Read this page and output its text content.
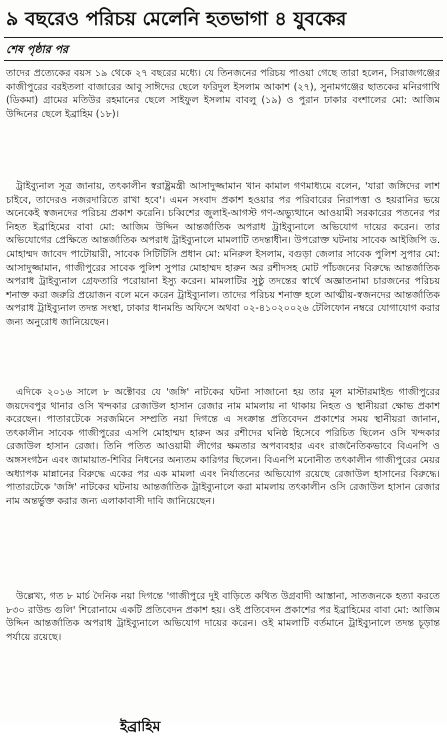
৯ বছরেও পরিচয় মেলেনি হতভাগা ৪ যুবকের
শেষ পৃষ্ঠার পর
তাদের প্রত্যেকের বয়স ১৯ থেকে ২৭ বছরের মধ্যে। যে তিনজনের পরিচয় পাওয়া গেছে তারা হলেন, সিরাজগঞ্জের কাজীপুরের বরইতলা বাজারের আবু সাঈদের ছেলে ফরিদুল ইসলাম আকাশ (২৭), সুনামগঞ্জের ছাতকের মনিরগাথি (ডিকমা) গ্রামের মতিউর রহমানের ছেলে সাইফুল ইসলাম বাবলু (১৯) ও পুরান ঢাকার বংশালের মো: আজিম উদ্দিনের ছেলে ইব্রাহিম (১৮)।
ট্রাইব্যুনাল সূত্র জানায়, তৎকালীন স্বরাষ্ট্রমন্ত্রী আসাদুজ্জামান খান কামাল গণমাধ্যমে বলেন, 'যারা জঙ্গিদের লাশ চাইবে, তাদেরও নজরদারিতে রাখা হবে'। এমন সংবাদ প্রকাশ হওয়ার পর পরিবারের নিরাপত্তা ও হয়রানির ভয়ে অনেকেই স্বজনদের পরিচয় প্রকাশ করেনি। চব্বিশের জুলাই-আগস্ট গণ-অভ্যুত্থানে আওয়ামী সরকারের পতনের পর নিহত ইব্রাহিমের বাবা মো: আজিম উদ্দিন আন্তর্জাতিক অপরাধ ট্রাইব্যুনালে অভিযোগ দায়ের করেন। তার অভিযোগের প্রেক্ষিতে আন্তর্জাতিক অপরাধ ট্রাইব্যুনালে মামলাটি তদন্তাধীন। উপরোক্ত ঘটনায় সাবেক আইজিপি ড. মোহাম্মদ জাবেদ পাটোয়ারী, সাবেক সিটিটিসি প্রধান মো: মনিরুল ইসলাম, বগুড়া জেলার সাবেক পুলিশ সুপার মো: আসাদুজ্জামান, গাজীপুরের সাবেক পুলিশ সুপার মোহাম্মদ হারুন অর রশীদসহ মোট পাঁচজনের বিরুদ্ধে আন্তর্জাতিক অপরাধ ট্রাইব্যুনাল গ্রেফতারি পরোয়ানা ইস্যু করেন। মামলাটির সুষ্ঠু তদন্তের স্বার্থে অজ্ঞাতনামা চারজনের পরিচয় শনাক্ত করা জরুরি প্রয়োজন বলে মনে করেন ট্রাইব্যুনাল। তাদের পরিচয় শনাক্ত হলে আত্মীয়-স্বজনদের আন্তর্জাতিক অপরাধ ট্রাইব্যুনাল তদন্ত সংস্থা, ঢাকার ধানমন্ডি অফিসে অথবা ০২-৪১০২০০২৬ টেলিফোন নম্বরে যোগাযোগ করার জন্য অনুরোধ জানিয়েছেন।
এদিকে ২০১৬ সালে ৮ অক্টোবর যে 'জঙ্গি' নাটকের ঘটনা সাজানো হয় তার মূল মাস্টারমাইন্ড গাজীপুরের জয়দেবপুর থানার ওসি খন্দকার রেজাউল হাসান রেজার নাম মামলায় না থাকায় নিহত ও স্থানীয়রা ক্ষোভ প্রকাশ করেছেন। পাতারটেকে সরজমিনে সম্প্রতি নয়া দিগন্তে এ সংক্রান্ত প্রতিবেদন প্রকাশের সময় স্থানীয়রা জানান, তৎকালীন সাবেক গাজীপুরের এসপি মোহাম্মদ হারুন অর রশীদের ঘনিষ্ঠ হিসেবে পরিচিত ছিলেন ওসি খন্দকার রেজাউল হাসান রেজা। তিনি পতিত আওয়ামী লীগের ক্ষমতার অপব্যবহার এবং রাজনৈতিকভাবে বিএনপি ও অঙ্গসংগঠন এবং জামায়াত-শিবির নিধনের অন্যতম কারিগর ছিলেন। বিএনপি মনোনীত তৎকালীন গাজীপুরের মেয়র অধ্যাপক মান্নানের বিরুদ্ধে একের পর এক মামলা এবং নির্যাতনের অভিযোগ রয়েছে রেজাউল হাসানের বিরুদ্ধে। পাতারটেকে 'জঙ্গি' নাটকের ঘটনায় আন্তর্জাতিক ট্রাইব্যুনালে করা মামলায় তৎকালীন ওসি রেজাউল হাসান রেজার নাম অন্তর্ভুক্ত করার জন্য এলাকাবাসী দাবি জানিয়েছেন।
উল্লেখ্য, গত ৮ মার্চ দৈনিক নয়া দিগন্তে 'গাজীপুরে দুই বাড়িতে কথিত উগ্রবাদী আস্তানা, সাতজনকে হত্যা করতে ৮৩০ রাউন্ড গুলি' শিরোনামে একটি প্রতিবেদন প্রকাশ হয়। ওই প্রতিবেদন প্রকাশের পর ইব্রাহিমের বাবা মো: আজিম উদ্দিন আন্তর্জাতিক অপরাধ ট্রাইব্যুনালে অভিযোগ দায়ের করেন। ওই মামলাটি বর্তমানে ট্রাইব্যুনালে তদন্ত চূড়ান্ত পর্যায়ে রয়েছে।
ইব্রাহিম
